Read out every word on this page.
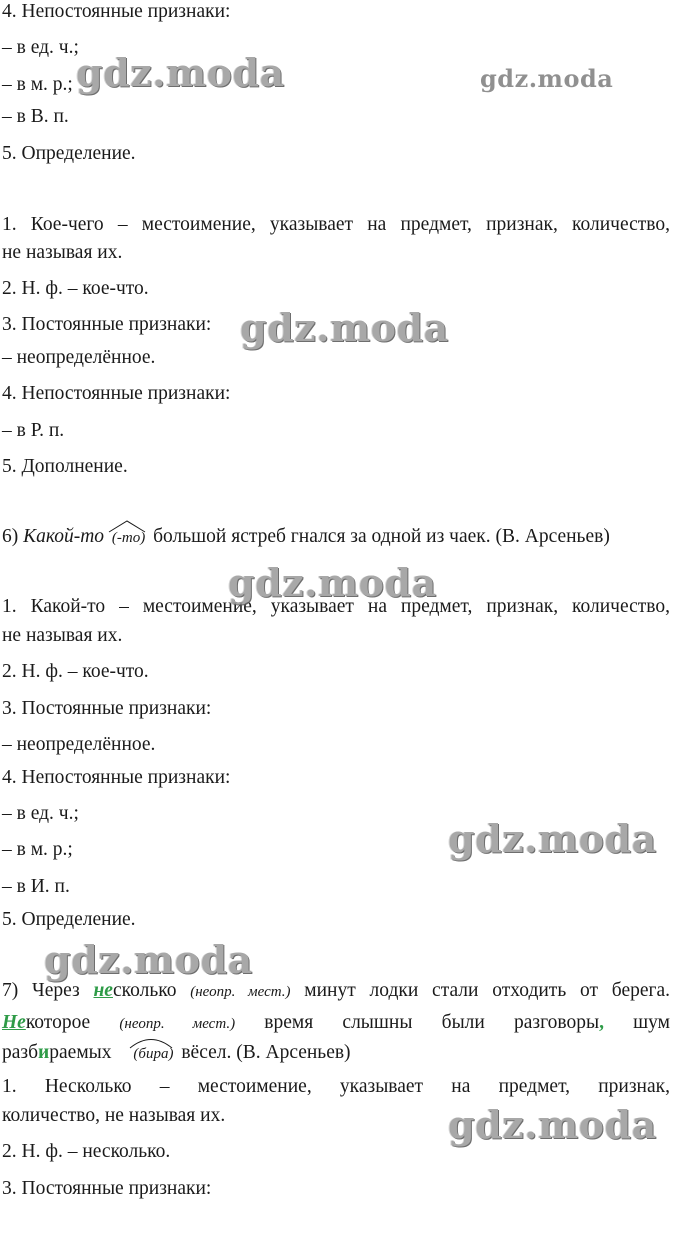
4. Непостоянные признаки:
– в ед. ч.;
– в м. р.;
– в В. п.
5. Определение.
1. Кое-чего – местоимение, указывает на предмет, признак, количество,
не называя их.
2. Н. ф. – кое-что.
3. Постоянные признаки:
– неопределённое.
4. Непостоянные признаки:
– в Р. п.
5. Дополнение.
6) Какой-то (-то) большой ястреб гнался за одной из чаек. (В. Арсеньев)
1. Какой-то – местоимение, указывает на предмет, признак, количество,
не называя их.
2. Н. ф. – кое-что.
3. Постоянные признаки:
– неопределённое.
4. Непостоянные признаки:
– в ед. ч.;
– в м. р.;
– в И. п.
5. Определение.
7) Через несколько (неопр. мест.) минут лодки стали отходить от берега.
Некоторое (неопр. мест.) время слышны были разговоры, шум
разбираемых (бира) вёсел. (В. Арсеньев)
1. Несколько – местоимение, указывает на предмет, признак,
количество, не называя их.
2. Н. ф. – несколько.
3. Постоянные признаки:
gdz.moda	gdz.moda
gdz.moda
gdz.moda
gdz.moda
gdz.moda
gdz.moda
